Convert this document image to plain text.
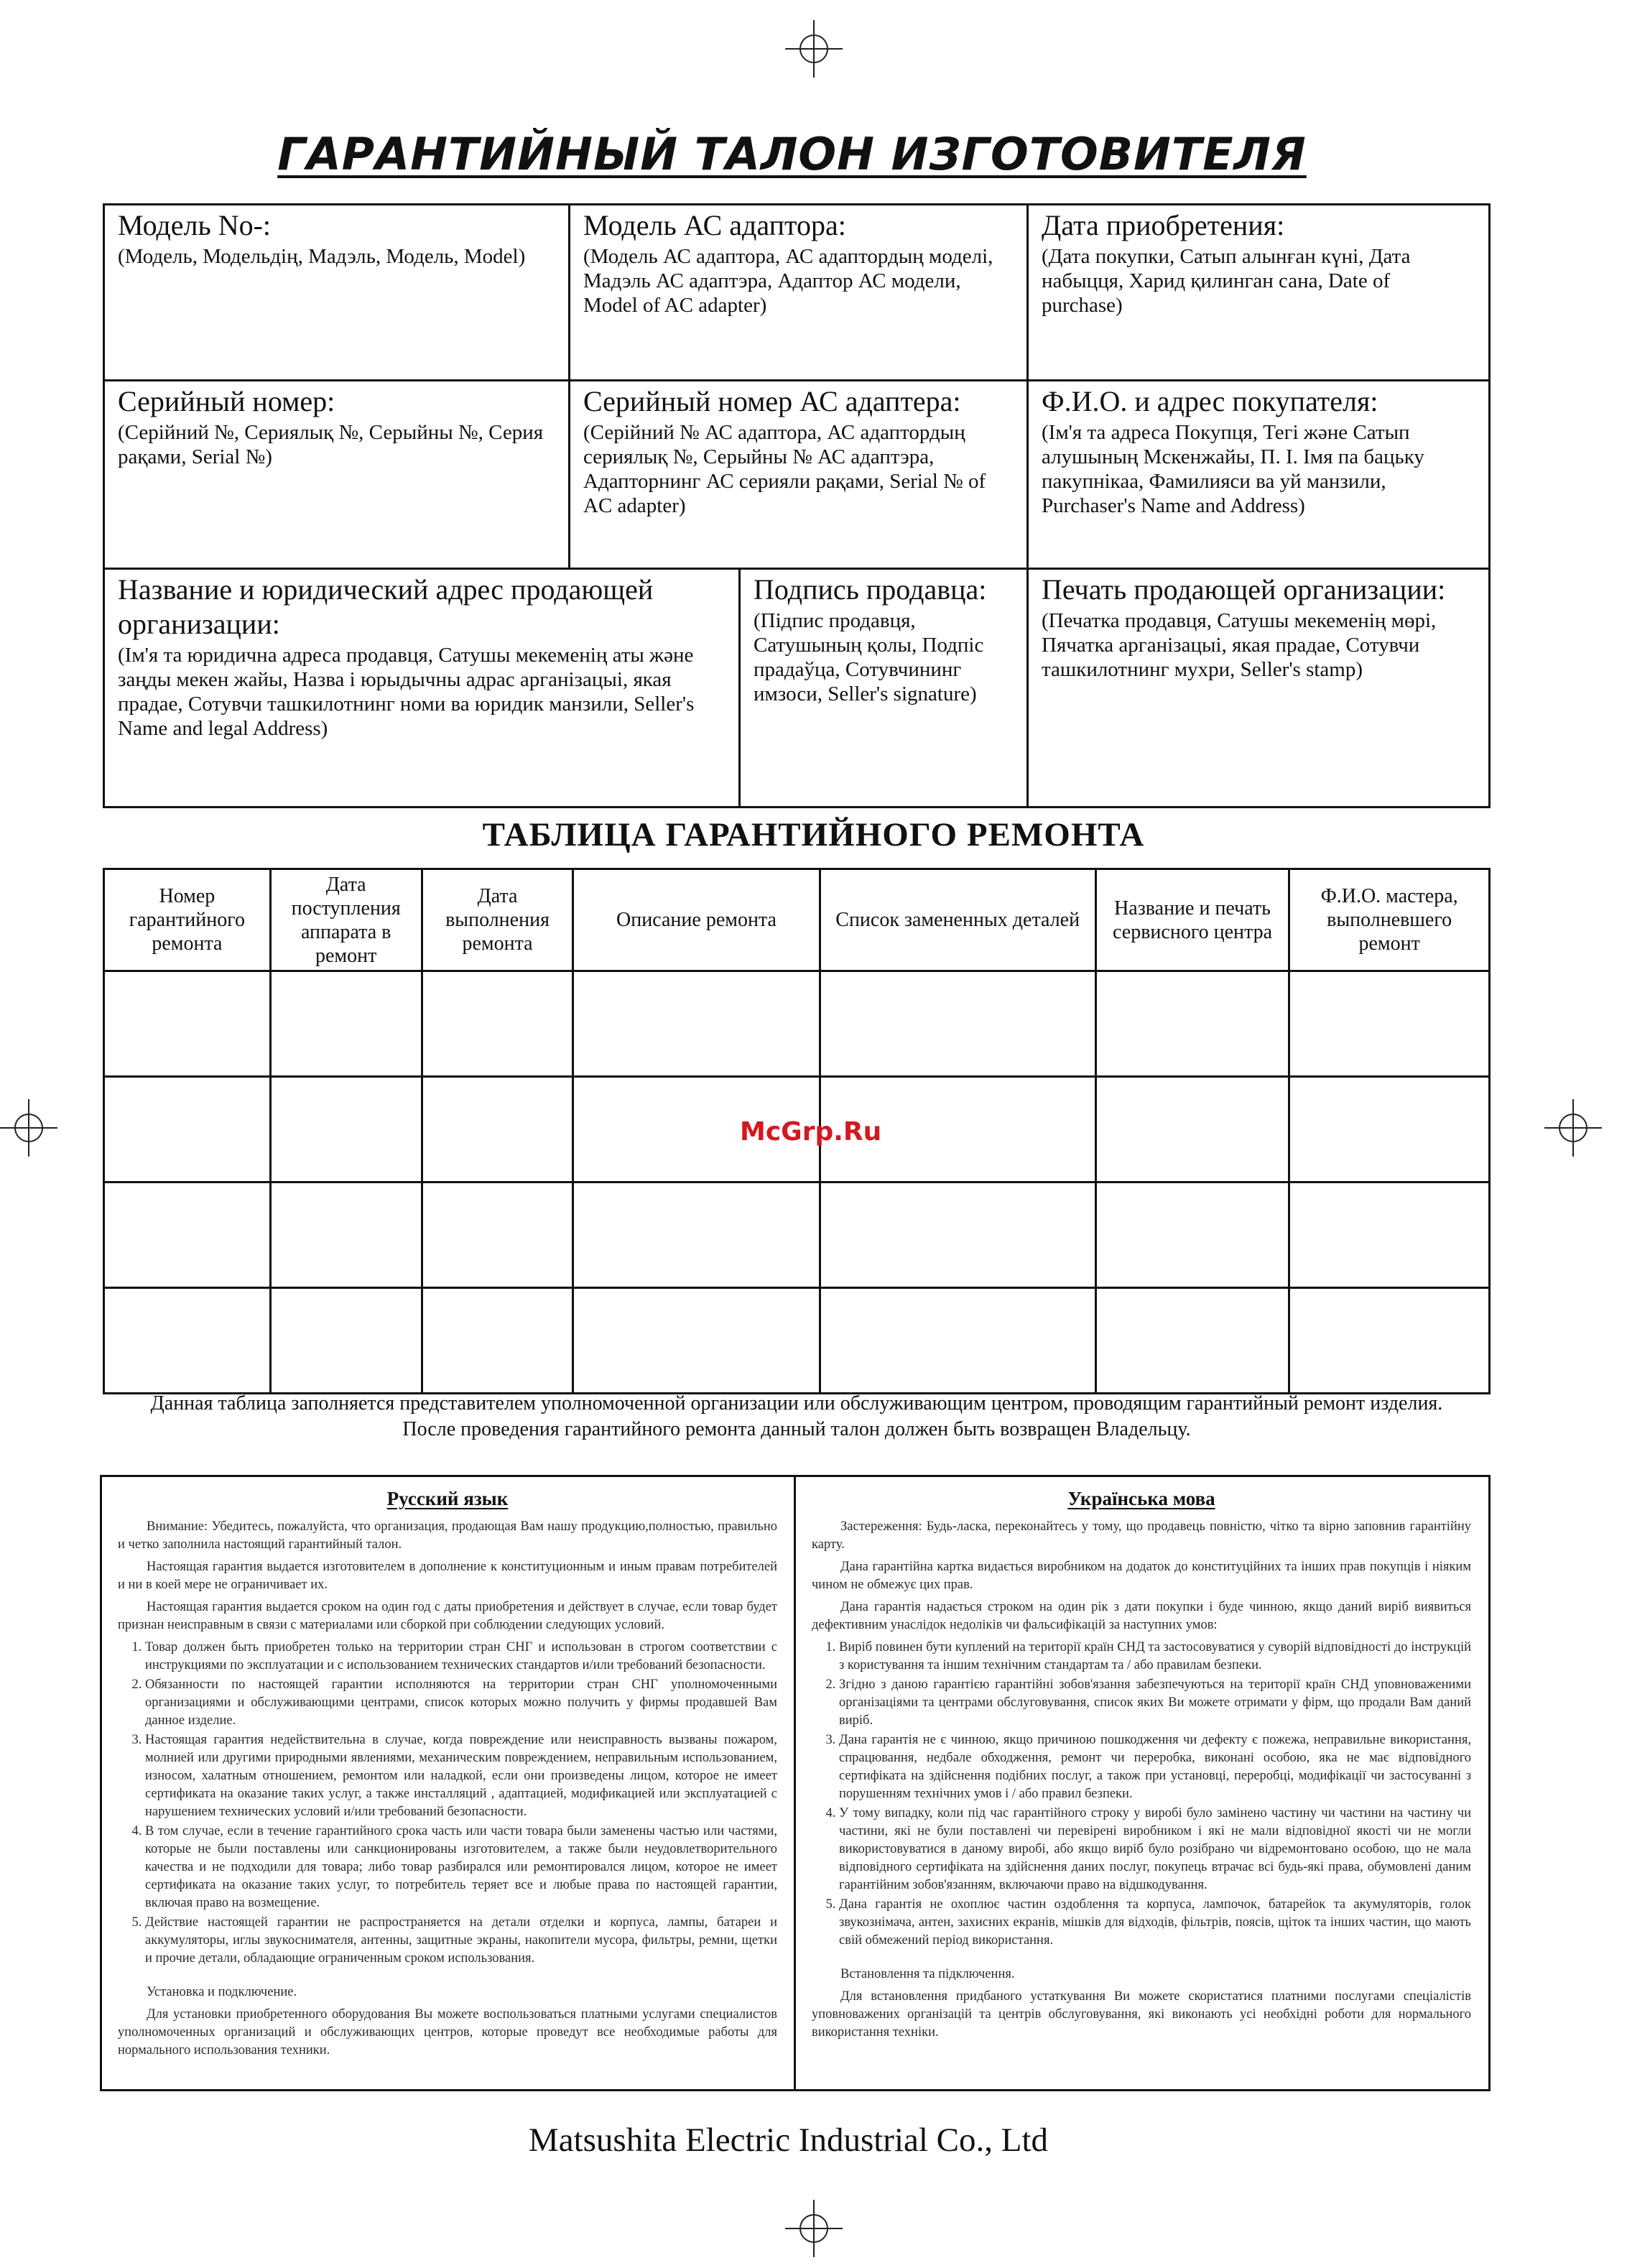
ГАРАНТИЙНЫЙ ТАЛОН ИЗГОТОВИТЕЛЯ
Модель No-:
(Модель, Модельдiң, Мадэль, Модель, Model)
Модель АС адаптора:
(Модель АС адаптора, АС адаптордың моделi, Мадэль АС адаптэра, Адаптор АС модели, Model of AC adapter)
Дата приобретения:
(Дата покупки, Сатып алынған күні, Дата набыцця, Харид қилинган сана, Date of purchase)
Серийный номер:
(Серійний №, Сериялық №, Серыйны №, Серия рақами, Serial №)
Серийный номер АС адаптера:
(Серійний № АС адаптора, АС адаптордың сериялық №, Серыйны № АС адаптэра, Адапторнинг АС серияли рақами, Serial № of AC adapter)
Ф.И.О. и адрес покупателя:
(Ім'я та адреса Покупця, Тегі және Сатып алушының Мскенжайы, П. І. Імя па бацьку пакупнікаа, Фамилияси ва уй манзили, Purchaser's Name and Address)
Название и юридический адрес продающей организации:
(Ім'я та юридична адреса продавця, Сатушы мекеменің аты және заңды мекен жайы, Назва і юрыдычны адрас арганізацыі, якая прадае, Сотувчи ташкилотнинг номи ва юридик манзили, Seller's Name and legal Address)
Подпись продавца:
(Підпис продавця, Сатушының қолы, Подпіс прадаўца, Сотувчининг имзоси, Seller's signature)
Печать продающей организации:
(Печатка продавця, Сатушы мекеменің мөрі, Пячатка арганізацыі, якая прадае, Сотувчи ташкилотнинг мухри, Seller's stamp)
ТАБЛИЦА ГАРАНТИЙНОГО РЕМОНТА
Номер гарантийного ремонта	Дата поступления аппарата в ремонт	Дата выполнения ремонта	Описание ремонта	Список замененных деталей	Название и печать сервисного центра	Ф.И.О. мастера, выполневшего ремонт

McGrp.Ru
Данная таблица заполняется представителем уполномоченной организации или обслуживающим центром, проводящим гарантийный ремонт изделия.
После проведения гарантийного ремонта данный талон должен быть возвращен Владельцу.
Русский язык

Внимание: Убедитесь, пожалуйста, что организация, продающая Вам нашу продукцию,полностью, правильно и четко заполнила настоящий гарантийный талон.

Настоящая гарантия выдается изготовителем в дополнение к конституционным и иным правам потребителей и ни в коей мере не ограничивает их.

Настоящая гарантия выдается сроком на один год с даты приобретения и действует в случае, если товар будет признан неисправным в связи с материалами или сборкой при соблюдении следующих условий.

1. Товар должен быть приобретен только на территории стран СНГ и использован в строгом соответствии с инструкциями по эксплуатации и с использованием технических стандартов и/или требований безопасности.
2. Обязанности по настоящей гарантии исполняются на территории стран СНГ уполномоченными организациями и обслуживающими центрами, список которых можно получить у фирмы продавшей Вам данное изделие.
3. Настоящая гарантия недействительна в случае, когда повреждение или неисправность вызваны пожаром, молнией или другими природными явлениями, механическим повреждением, неправильным использованием, износом, халатным отношением, ремонтом или наладкой, если они произведены лицом, которое не имеет сертификата на оказание таких услуг, а также инсталляций , адаптацией, модификацией или эксплуатацией с нарушением технических условий и/или требований безопасности.
4. В том случае, если в течение гарантийного срока часть или части товара были заменены частью или частями, которые не были поставлены или санкционированы изготовителем, а также были неудовлетворительного качества и не подходили для товара; либо товар разбирался или ремонтировался лицом, которое не имеет сертификата на оказание таких услуг, то потребитель теряет все и любые права по настоящей гарантии, включая право на возмещение.
5. Действие настоящей гарантии не распространяется на детали отделки и корпуса, лампы, батареи и аккумуляторы, иглы звукоснимателя, антенны, защитные экраны, накопители мусора, фильтры, ремни, щетки и прочие детали, обладающие ограниченным сроком использования.

Установка и подключение.

Для установки приобретенного оборудования Вы можете воспользоваться платными услугами специалистов уполномоченных организаций и обслуживающих центров, которые проведут все необходимые работы для нормального использования техники.

Українська мова

Застереження: Будь-ласка, переконайтесь у тому, що продавець повністю, чітко та вірно заповнив гарантійну карту.

Дана гарантійна картка видається виробником на додаток до конституційних та інших прав покупців і ніяким чином не обмежує цих прав.

Дана гарантія надається строком на один рік з дати покупки і буде чинною, якщо даний виріб виявиться дефективним унаслідок недоліків чи фальсифікацій за наступних умов:

1. Виріб повинен бути куплений на території країн СНД та застосовуватися у суворій відповідності до інструкцій з користування та іншим технічним стандартам та / або правилам безпеки.
2. Згідно з даною гарантією гарантійні зобов'язання забезпечуються на території країн СНД уповноваженими організаціями та центрами обслуговування, список яких Ви можете отримати у фірм, що продали Вам даний виріб.
3. Дана гарантія не є чинною, якщо причиною пошкодження чи дефекту є пожежа, неправильне використання, спрацювання, недбале обходження, ремонт чи переробка, виконані особою, яка не має відповідного сертифіката на здійснення подібних послуг, а також при установці, переробці, модифікації чи застосуванні з порушенням технічних умов і / або правил безпеки.
4. У тому випадку, коли під час гарантійного строку у виробі було замінено частину чи частини на частину чи частини, які не були поставлені чи перевірені виробником і які не мали відповідної якості чи не могли використовуватися в даному виробі, або якщо виріб було розібрано чи відремонтовано особою, що не мала відповідного сертифіката на здійснення даних послуг, покупець втрачає всі будь-які права, обумовлені даним гарантійним зобов'язанням, включаючи право на відшкодування.
5. Дана гарантія не охоплює частин оздоблення та корпуса, лампочок, батарейок та акумуляторів, голок звукознімача, антен, захисних екранів, мішків для відходів, фільтрів, поясів, щіток та інших частин, що мають свій обмежений період використання.

Встановлення та підключення.

Для встановлення придбаного устаткування Ви можете скористатися платними послугами спеціалістів уповноважених організацій та центрів обслуговування, які виконають усі необхідні роботи для нормального використання техніки.

Matsushita Electric Industrial Co., Ltd
